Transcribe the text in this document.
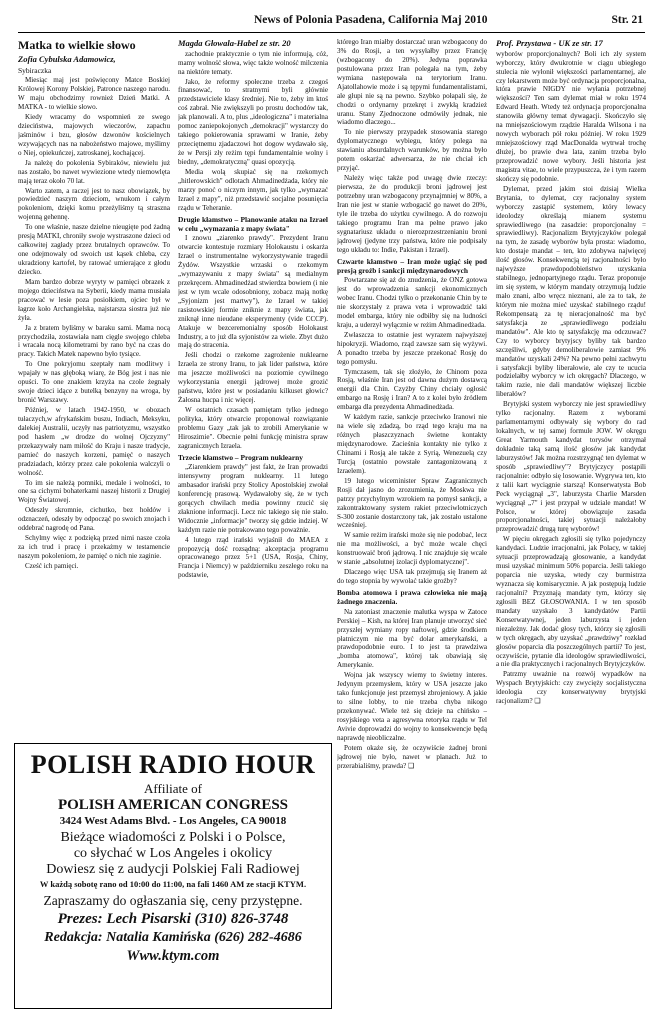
News of Polonia Pasadena, California Maj 2010	Str. 21

Matka to wielkie słowo

Zofia Cybulska Adamowicz,

Sybiraczka

Miesiąc maj jest poświęcony Matce Boskiej Królowej Korony Polskiej, Patronce naszego narodu. W maju obchodzimy rownież Dzień Matki. A MATKA - to wielkie słowo.

Kiedy wracamy do wspomnień ze swego dzieciństwa, majowych wieczorów, zapachu jaśminów i bzu, głosów dzwonów kościelnych wzywających nas na nabożeństwo majowe, myślimy o Niej, opiekuńczej, zatroskanej, kochającej.

Ja należę do pokolenia Sybiraków, niewielu już nas zostało, bo nawet wywiezione wtedy niemowlęta mają teraz około 70 lat.

Warto zatem, a raczej jest to nasz obowiązek, by powiedzieć naszym dzieciom, wnukom i całym pokoleniom, dzięki komu przeżyliśmy tą straszna wojenną gehennę.

To one właśnie, nasze dzielne nieugięte pod żadną presją MATKI, chroniły swoje wystraszone dzieci od całkowitej zagłady przez brutalnych oprawców. To one odejmowały od swoich ust kąsek chleba, czy ukradziony kartofel, by ratować umierające z głodu dziecko.

Mam bardzo dobrze wyryty w pamięci obrazek z mojego dzieciństwa na Syberii, kiedy mama musiała pracować w lesie poza posiołkiem, ojciec był w łagrze koło Archangielska, najstarsza siostra już nie żyła.

Ja z bratem byliśmy w baraku sami. Mama nocą przychodziła, zostawiała nam cięgle swojego chleba i wracała nocą kilometrami by rano być na czas do pracy. Takich Matek napewno było tysiące.

To One pokryjomu szeptały nam modlitwy i wpajały w nas głęboką wiarę, że Bóg jest i nas nie opuści. To one znakiem krzyża na czole żegnały swoje dzieci idące z butelką benzyny na wroga, by bronić Warszawy.

Później, w latach 1942-1950, w obozach tułaczych,w afrykańskim buszu, Indiach, Meksyku, dalekiej Australii, uczyły nas patriotyzmu, wszystko pod hasłem „w drodze do wolnej Ojczyzny" przekazywały nam miłość do Kraju i nasze tradycje, pamieć do naszych korzeni, pamięć o naszych pradziadach, którzy przez całe pokolenia walczyli o wolność.

To im sie należą pomniki, medale i wolności, to one sa cichymi bohaterkami naszej historii z Drugiej Wojny Światowej.

Odeszły skromnie, cichutko, bez hołdów i odznaczeń, odeszły by odpocząć po swoich znojach i oddebrać nagrodę od Pana.

Schylmy więc z podzięką przed nimi nasze czoła za ich trud i pracę i przekażmy w testamencie naszym pokoleniom, że pamięć o nich nie zaginie.

Cześć ich pamięci.

Magda Głowala-Habel ze str. 20

zachodnie praktycznie o tym nie informują, cóż, mamy wolność słowa, więc także wolność milczenia na niektóre tematy.

Jako, że reformy społeczne trzeba z czegoś finansować, to stratnymi byli głównie przedstawiciele klasy średniej. Nie to, żeby im ktoś coś zabrał. Nie zwiększyli po prostu dochodów tak, jak planowali. A to, plus „ideologiczna" i materialna pomoc zaniepokojonych „demokracji" wystarczy do takiego pokierowania sprawami w Iranie, żeby przeciętnemu zjadaczowi hot dogow wydawało się, że w Persji zły reżim tępi fundamentalnie wolny i biedny, „demokratyczną" quasi opozycją.

Media wolą skupiać się na rzekomych „hitlerowskich" odlotach Ahmadinedżada, który nie marzy ponoć o niczym innym, jak tylko „wymazać Izrael z mapy", niż przedstawić socjalne posunięcia rządu w Teheranie.

Drugie kłamstwo – Planowanie ataku na Izrael w celu „wymazania z mapy świata"

I znowu „ziarenko prawdy". Prezydent Iranu otwarcie kontestuje rozmiary Holokaustu i oskarża Izrael o instrumentalne wykorzystywanie tragedii Żydów. Wszystkie wrzaski o rzekomym „wymazywaniu z mapy świata" są medialnym przekręcem. Ahmadinedżad stwierdza bowiem (i nie jest w tym wcale odosobniony, zobacz mają notkę „Syjonizm jest martwy"), że Izrael w takiej rasistowskiej formie zniknie z mapy świata, jak zniknął inne nieudane eksperymenty (vide CCCP). Atakuje w bezceremonialny sposób Holokaust Industry, a to już dla syjonistów za wiele. Zbyt dużo mają do stracenia.

Jeśli chodzi o rzekome zagrożenie nuklearne Izraela ze strony Iranu, to jak lider państwa, które ma jeszcze możliwości na poziomie cywilnego wykorzystania energii jądrowej może grozić państwu, które jest w posiadaniu kilkuset głowic? Żałosna hucpa i nic więcej.

W ostatnich czasach pamiętam tylko jednego polityka, który otwarcie proponował rozwiązanie problemu Gazy „tak jak to zrobili Amerykanie w Hiroszimie". Obecnie pełni funkcję ministra spraw zagranicznych Izraela.

Trzecie kłamstwo – Program nuklearny

„Ziarenkiem prawdy" jest fakt, że Iran prowadzi intensywny program nuklearny. 11 lutego ambasador irański przy Stolicy Apostolskiej zwołał konferencję prasową. Wydawałoby się, że w tych gorących chwilach media powinny rzucić się złaknione informacji. Lecz nic takiego się nie stało. Widocznie „informacje" tworzy się gdzie indziej. W każdym razie nie potrakowano tego poważnie.

4 lutego rząd irański wyjaśnił do MAEA z propozycją dość rozsądną: akceptacja programu opracowanego przez 5+1 (USA, Rosja, Chiny, Francja i Niemcy) w październiku zeszłego roku na podstawie,

którego Iran miałby dostarczać uran wzbogacony do 3% do Rosji, a ten wysyłałby przez Francję (wzbogacony do 20%). Jedyna poprawka postulowana przez Iran polegała na tym, żeby wymiana następowała na terytorium Iranu. Ajatollahowie może i są tępymi fundamentalistami, ale głupi nie są na pewno. Szybko połapali się, że chodzi o ordynarny przekręt i zwykłą kradzież uranu. Stany Zjednoczone odmówiły jednak, nie wiadomo dlaczego...

To nie pierwszy przypadek stosowania starego dyplomatycznego wybiegu, który polega na stawianiu absurdalnych warunków, by można było potem oskarżać adwersarza, że nie chciał ich przyjąć.

Należy więc także pod uwagę dwie rzeczy: pierwsza, że do produkcji broni jądrowej jest potrzebny uran wzbogacony przynajmniej w 80%, a Iran nie jest w stanie wzbogacić go nawet do 20%, tyle ile trzeba do użytku cywilnego. A do rozwoju takiego programu Iran ma pełne prawo jako sygnatariusz układu o nierozprzestrzenianiu broni jądrowej (jedyne trzy państwa, które nie podpisały tego układu to: Indie, Pakistan i Izrael).

Czwarte kłamstwo – Iran może ugiąć się pod presją groźb i sankcji międzynarodowych

Powtarzane się aż do znudzenia, że ONZ gotowa jest do wprowadzenia sankcji ekonomicznych wobec Iranu. Chodzi tylko o przekonanie Chin by te nie skorzystały z prawa veta i wprowadzić taki model embarga, który nie odbiłby się na ludności kraju, a uderzył wyłącznie w reżim Ahmadinedżada.

Zwłaszcza to ostatnie jest wyrazem najwyższej hipokryzji. Wiadomo, rząd zawsze sam się wyżywi. A ponadto trzeba by jeszcze przekonać Rosję do tego pomysłu.

Tymczasem, tak się złożyło, że Chinom poza Rosją, właśnie Iran jest od dawna dużym dostawcą energii dla Chin. Czyżby Chiny chciały ogłosić embargo na Rosję i Iran? A to z kolei było źródłem embarga dla prezydenta Ahmadinedżada.

W każdym razie, sankcje przeciwko Iranowi nie na wiele się zdadzą, bo rząd tego kraju ma na różnych płaszczyznach świetne kontakty międzynarodowe. Zacieśnia kontakty nie tylko z Chinami i Rosją ale także z Syrią, Wenezuelą czy Turcją (ostatnio powstałe zantagonizowaną z Izraelem).

19 lutego wiceminister Spraw Zagranicznych Rosji dał jasno do zrozumienia, że Moskwa nie patrzy przychylnym wzrokiem na pomysł sankcji, a zakontraktowany system rakiet przeciwlotniczych S-300 zostanie dostarczony tak, jak zostało ustalone wcześniej.

W samie reżim irański może się nie podobać, lecz nie ma możliwości, a być może wcale chęci konstruowaić broń jądrową. I nic znajduje się wcale w stanie „absolutnej izolacji dyplomatycznej".

Dlaczego więc USA tak przejmują się Iranem aż do tego stopnia by wywołać takie groźby?

Bomba atomowa i prawa człowieka nie mają żadnego znaczenia.

Na zatoniast znaczenie malutka wyspa w Zatoce Perskiej – Kish, na której Iran planuje utworzyć sieć przyszłej wymiany ropy naftowej, gdzie środkiem płatniczym nie ma być dolar amerykański, a prawdopodobnie euro. I to jest ta prawdziwa „bomba atomowa", której tak obawiają się Amerykanie.

Wojna jak wszyscy wiemy to świetny interes. Jedynym przemysłem, który w USA jeszcze jako tako funkcjonuje jest przemysł zbrojeniowy. A jakie to silne lobby, to nie trzeba chyba nikogo przekonywać. Wiele też się dzieje na chińsko – rosyjskiego veta a agresywna retoryka rządu w Tel Avivie doprowadzi do wojny to konsekwencje będą naprawdę nieobliczalne.

Potem okaże się, że oczywiście żadnej broni jądrowej nie było, nawet w planach. Już to przerabialiśmy, prawda? ❑

Prof. Przystawa - UK ze str. 17

wyborów proporcjonalnych? Boli ich zły system wyborczy, który dwukrotnie w ciągu ubiegłego stulecia nie wyłonił większości parlamentarnej, ale czy lekarstwem może być ordynacja proporcjonalna, która prawie NIGDY nie wyłania potrzebnej większości? Ten sam dylemat miał w roku 1974 Edward Heath. Wtedy też ordynacja proporcjonalna stanowiła główny temat dywagacji. Skończyło się na mniejszościowym rządzie Haralda Wilsona i na nowych wyborach pół roku później. W roku 1929 mniejszościowy rząd MacDonalda wytrwał trochę dłużej, bo prawie dwa lata, zanim trzeba było przeprowadzić nowe wybory. Jeśli historia jest magistra vitae, to wiele przypuszcza, że i tym razem skończy się podobnie.

Dylemat, przed jakim stoi dzisiaj Wielka Brytania, to dylemat, czy racjonalny system wyborczy zastąpić systemem, który lewacy ideolodzy określają mianem systemu sprawiedliwego (na zasadzie: proporcjonalny = sprawiedliwy). Racjonalizm Brytyjczyków polegał na tym, że zasadę wyborów była prosta: wiadomo, kto dostaje mandat – ten, kto zdobywa najwięcej ilość głosów. Konsekwencją tej racjonalności było najwyższe prawdopodobieństwo uzyskania stabilnego, jednopartyjnego rządu. Teraz proponuje im się system, w którym mandaty otrzymują ludzie mało znani, albo wręcz nieznani, ale za to tak, że którym nie można mieć uzyskać stabilnego rządu! Rekompensatą za tę nieracjonalność ma być satysfakcja ze „sprawiedliwego podziału mandatów". Ale kto tę satysfakcję ma odczuwać? Czy to wyborcy brytyjscy byliby tak bardzo szczęśliwi, gdyby demoliberalowie zamiast 9% mandatów uzyskali 24%? Na pewno pełni zachwytu i satysfakcji byliby liberałowie, ale czy te ucucia podzielałby wyborcy w ich okręgach? Dlaczego, w takim razie, nie dali mandatów większej liczbie liberałów?

Brytyjski system wyborczy nie jest sprawiedliwy tylko racjonalny. Razem z wyborami parlamentarnymi odbywały się wybory do rad lokalnych, w tej samej formule JOW. W okręgu Great Yarmouth kandydat torysów otrzymał dokładnie taką samą ilość głosów jak kandydat laburzystów! Jak można rozstrzygnąć ten dylemat w sposób „sprawiedliwy"? Brytyjczycy postąpili racjonalnie: odbyło się losowanie. Wygrywa ten, kto z talii kart wyciągnie starszą! Konserwatysta Bob Peck wyciągnął „3", laburzysta Charlie Marsden wyciągnął „7" i jest przypał w udziale mandat! W Polsce, w której obowiązuje zasada proporcjonalności, takiej sytuacji należałoby przeprowadzić drugą turę wyborów!

W pięciu okręgach zgłosili się tylko pojedynczy kandydaci. Ludzie irracjonalni, jak Polacy, w takiej sytuacji przeprowadzają głosowanie, a kandydat musi uzyskać minimum 50% poparcia. Jeśli takiego poparcia nie uzyska, wtedy czy burmistrza wyznacza się komisarycznie. A jak postępują ludzie racjonalni? Przyznają mandaty tym, którzy się zgłosili BEZ GŁOSOWANIA. I w ten sposób mandaty uzyskało 3 kandydatów Partii Konserwatywnej, jeden laburzysta i jeden niezależny. Jak dodać głosy tych, którzy się zgłosili w tych okręgach, aby uzyskać „prawdziwy" rozkład głosów poparcia dla poszczególnych partii? To jest, oczywiście, pytanie dla ideologów sprawiedliwości, a nie dla praktycznych i racjonalnych Brytyjczyków.

Patrzmy uważnie na rozwój wypadków na Wyspach Brytyjskich: czy zwycięży socjalistyczna ideologia czy konserwatywny brytyjski racjonalizm? ❑

POLISH RADIO HOUR
Affiliate of
POLISH AMERICAN CONGRESS
3424 West Adams Blvd. - Los Angeles, CA 90018
Bieżące wiadomości z Polski i o Polsce,
co słychać w Los Angeles i okolicy
Dowiesz się z audycji Polskiej Fali Radiowej
W każdą sobotę rano od 10:00 do 11:00, na fali 1460 AM ze stacji KTYM.
Zapraszamy do ogłaszania się, ceny przystępne.
Prezes: Lech Pisarski (310) 826-3748
Redakcja: Natalia Kamińska (626) 282-4686
Www.ktym.com
